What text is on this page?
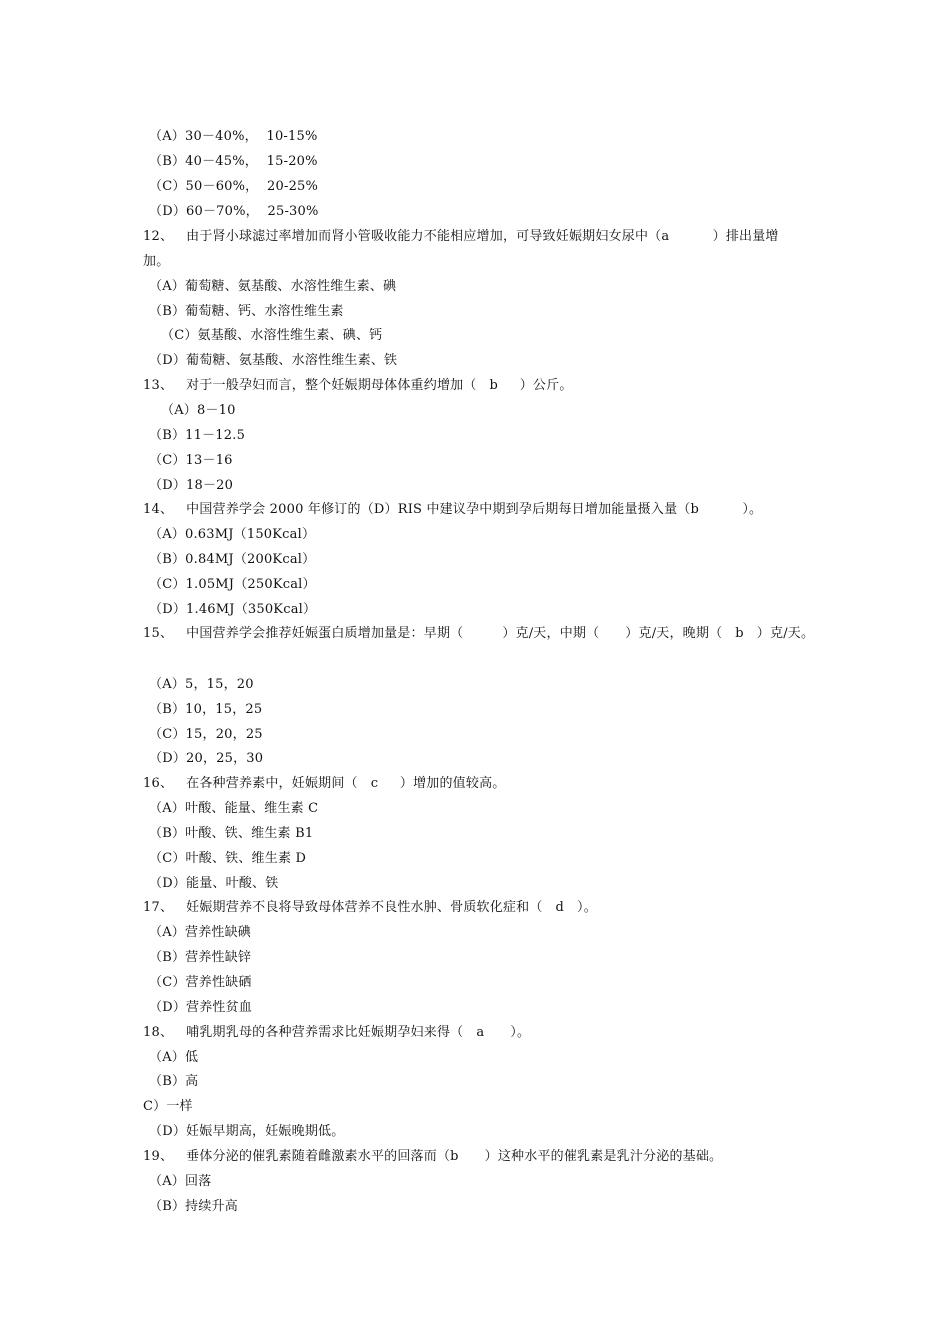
（A）30－40%，  10-15%
（B）40－45%，  15-20%
（C）50－60%，  20-25%
（D）60－70%，  25-30%
12、   由于肾小球滤过率增加而肾小管吸收能力不能相应增加，可导致妊娠期妇女尿中（a          ）排出量增
加。
（A）葡萄糖、氨基酸、水溶性维生素、碘
（B）葡萄糖、钙、水溶性维生素
（C）氨基酸、水溶性维生素、碘、钙
（D）葡萄糖、氨基酸、水溶性维生素、铁
13、   对于一般孕妇而言，整个妊娠期母体体重约增加（   b     ）公斤。
（A）8－10
（B）11－12.5
（C）13－16
（D）18－20
14、   中国营养学会 2000 年修订的（D）RIS 中建议孕中期到孕后期每日增加能量摄入量（b          ）。
（A）0.63MJ（150Kcal）
（B）0.84MJ（200Kcal）
（C）1.05MJ（250Kcal）
（D）1.46MJ（350Kcal）
15、   中国营养学会推荐妊娠蛋白质增加量是：早期（         ）克/天，中期（      ）克/天，晚期（   b   ）克/天。
（A）5，15，20
（B）10，15，25
（C）15，20，25
（D）20，25，30
16、   在各种营养素中，妊娠期间（   c     ）增加的值较高。
（A）叶酸、能量、维生素 C
（B）叶酸、铁、维生素 B1
（C）叶酸、铁、维生素 D
（D）能量、叶酸、铁
17、   妊娠期营养不良将导致母体营养不良性水肿、骨质软化症和（   d   ）。
（A）营养性缺碘
（B）营养性缺锌
（C）营养性缺硒
（D）营养性贫血
18、   哺乳期乳母的各种营养需求比妊娠期孕妇来得（   a      ）。
（A）低
（B）高
C）一样
（D）妊娠早期高，妊娠晚期低。
19、   垂体分泌的催乳素随着雌激素水平的回落而（b      ）这种水平的催乳素是乳汁分泌的基础。
（A）回落
（B）持续升高
